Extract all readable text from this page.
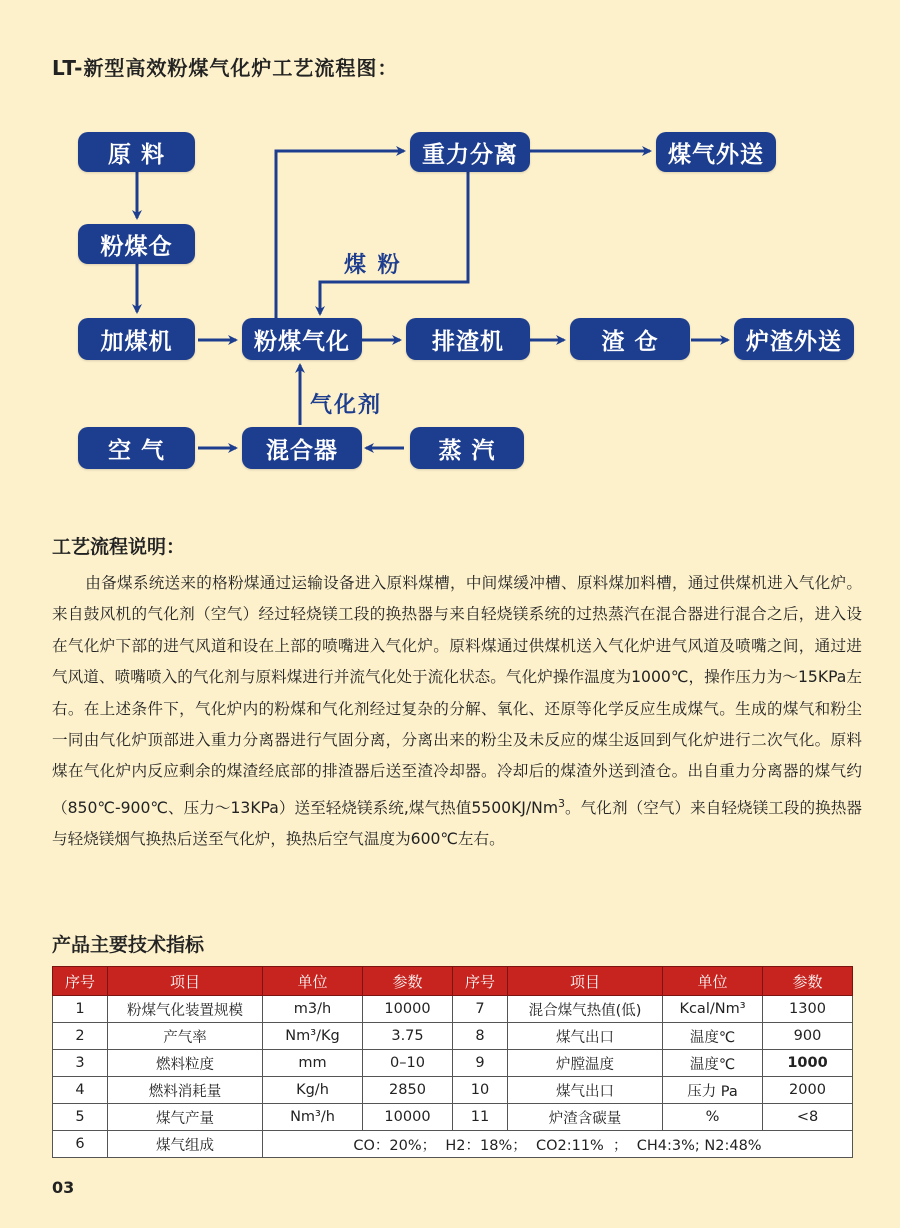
LT-新型高效粉煤气化炉工艺流程图：
原 料
粉煤仓
加煤机	粉煤气化
重力分离	煤气外送
排渣机	渣 仓	炉渣外送
空 气	混合器	蒸 汽
煤 粉
气化剂
工艺流程说明：
由备煤系统送来的格粉煤通过运输设备进入原料煤槽，中间煤缓冲槽、原料煤加料槽，通过供煤机进入气化炉。来自鼓风机的气化剂（空气）经过轻烧镁工段的换热器与来自轻烧镁系统的过热蒸汽在混合器进行混合之后，进入设在气化炉下部的进气风道和设在上部的喷嘴进入气化炉。原料煤通过供煤机送入气化炉进气风道及喷嘴之间，通过进气风道、喷嘴喷入的气化剂与原料煤进行并流气化处于流化状态。气化炉操作温度为1000℃，操作压力为～15KPa左右。在上述条件下，气化炉内的粉煤和气化剂经过复杂的分解、氧化、还原等化学反应生成煤气。生成的煤气和粉尘一同由气化炉顶部进入重力分离器进行气固分离，分离出来的粉尘及未反应的煤尘返回到气化炉进行二次气化。原料煤在气化炉内反应剩余的煤渣经底部的排渣器后送至渣冷却器。冷却后的煤渣外送到渣仓。出自重力分离器的煤气约（850℃-900℃、压力～13KPa）送至轻烧镁系统,煤气热值5500KJ/Nm$^3$。气化剂（空气）来自轻烧镁工段的换热器与轻烧镁烟气换热后送至气化炉，换热后空气温度为600℃左右。
产品主要技术指标
序号	项目	单位	参数	序号	项目	单位	参数
1	粉煤气化装置规模	m3/h	10000	7	混合煤气热值(低)	Kcal/Nm³	1300
2	产气率	Nm³/Kg	3.75	8	煤气出口	温度℃	900
3	燃料粒度	mm	0–10	9	炉膛温度	温度℃	1000
4	燃料消耗量	Kg/h	2850	10	煤气出口	压力 Pa	2000
5	煤气产量	Nm³/h	10000	11	炉渣含碳量	%	<8
6	煤气组成	CO：20%；  H2：18%；  CO2:11%  ；  CH4:3%; N2:48%					
03
